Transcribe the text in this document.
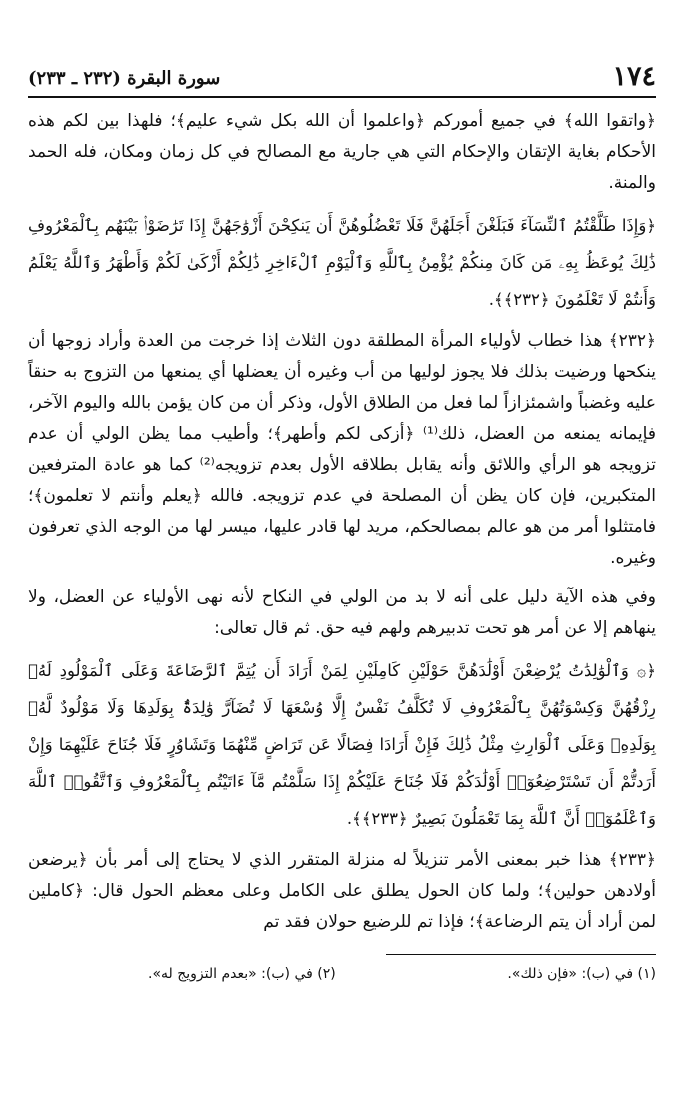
١٧٤
سورة البقرة (٢٣٢ ـ ٢٣٣)

﴿واتقوا الله﴾ في جميع أموركم ﴿واعلموا أن الله بكل شيء عليم﴾؛ فلهذا بين لكم هذه الأحكام بغاية الإتقان والإحكام التي هي جارية مع المصالح في كل زمان ومكان، فله الحمد والمنة.

﴿وَإِذَا طَلَّقْتُمُ ٱلنِّسَآءَ فَبَلَغْنَ أَجَلَهُنَّ فَلَا تَعْضُلُوهُنَّ أَن يَنكِحْنَ أَزْوَٰجَهُنَّ إِذَا تَرَٰضَوْا۟ بَيْنَهُم بِٱلْمَعْرُوفِ ذَٰلِكَ يُوعَظُ بِهِۦ مَن كَانَ مِنكُمْ يُؤْمِنُ بِٱللَّهِ وَٱلْيَوْمِ ٱلْءَاخِرِ ذَٰلِكُمْ أَزْكَىٰ لَكُمْ وَأَطْهَرُ وَٱللَّهُ يَعْلَمُ وَأَنتُمْ لَا تَعْلَمُونَ ﴿٢٣٢﴾﴾.

﴿٢٣٢﴾ هذا خطاب لأولياء المرأة المطلقة دون الثلاث إذا خرجت من العدة وأراد زوجها أن ينكحها ورضيت بذلك فلا يجوز لوليها من أب وغيره أن يعضلها أي يمنعها من التزوج به حنقاً عليه وغضباً واشمئزازاً لما فعل من الطلاق الأول، وذكر أن من كان يؤمن بالله واليوم الآخر، فإيمانه يمنعه من العضل، ذلك⁽¹⁾ ﴿أزكى لكم وأطهر﴾؛ وأطيب مما يظن الولي أن عدم تزويجه هو الرأي واللائق وأنه يقابل بطلاقه الأول بعدم تزويجه⁽²⁾ كما هو عادة المترفعين المتكبرين، فإن كان يظن أن المصلحة في عدم تزويجه. فالله ﴿يعلم وأنتم لا تعلمون﴾؛ فامتثلوا أمر من هو عالم بمصالحكم، مريد لها قادر عليها، ميسر لها من الوجه الذي تعرفون وغيره.

وفي هذه الآية دليل على أنه لا بد من الولي في النكاح لأنه نهى الأولياء عن العضل، ولا ينهاهم إلا عن أمر هو تحت تدبيرهم ولهم فيه حق. ثم قال تعالى:

﴿۞ وَٱلْوَٰلِدَٰتُ يُرْضِعْنَ أَوْلَٰدَهُنَّ حَوْلَيْنِ كَامِلَيْنِ لِمَنْ أَرَادَ أَن يُتِمَّ ٱلرَّضَاعَةَ وَعَلَى ٱلْمَوْلُودِ لَهُۥ رِزْقُهُنَّ وَكِسْوَتُهُنَّ بِٱلْمَعْرُوفِ لَا تُكَلَّفُ نَفْسٌ إِلَّا وُسْعَهَا لَا تُضَآرَّ وَٰلِدَةٌۢ بِوَلَدِهَا وَلَا مَوْلُودٌ لَّهُۥ بِوَلَدِهِۦ وَعَلَى ٱلْوَارِثِ مِثْلُ ذَٰلِكَ فَإِنْ أَرَادَا فِصَالًا عَن تَرَاضٍ مِّنْهُمَا وَتَشَاوُرٍ فَلَا جُنَاحَ عَلَيْهِمَا وَإِنْ أَرَدتُّمْ أَن تَسْتَرْضِعُوٓا۟ أَوْلَٰدَكُمْ فَلَا جُنَاحَ عَلَيْكُمْ إِذَا سَلَّمْتُم مَّآ ءَاتَيْتُم بِٱلْمَعْرُوفِ وَٱتَّقُوا۟ ٱللَّهَ وَٱعْلَمُوٓا۟ أَنَّ ٱللَّهَ بِمَا تَعْمَلُونَ بَصِيرٌ ﴿٢٣٣﴾﴾.

﴿٢٣٣﴾ هذا خبر بمعنى الأمر تنزيلاً له منزلة المتقرر الذي لا يحتاج إلى أمر بأن ﴿يرضعن أولادهن حولين﴾؛ ولما كان الحول يطلق على الكامل وعلى معظم الحول قال: ﴿كاملين لمن أراد أن يتم الرضاعة﴾؛ فإذا تم للرضيع حولان فقد تم

(١) في (ب): «فإن ذلك».
(٢) في (ب): «بعدم التزويج له».
